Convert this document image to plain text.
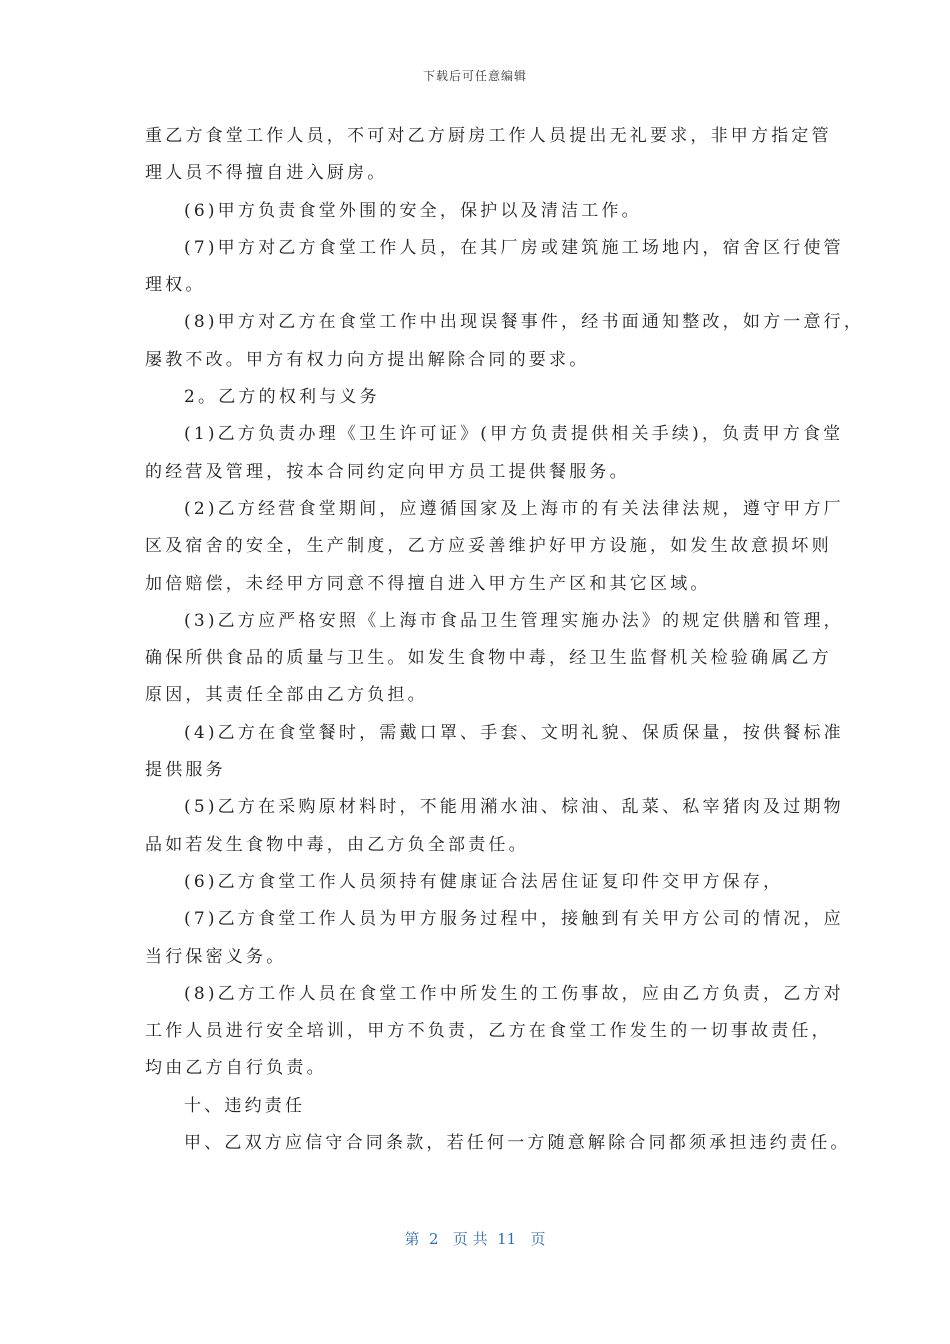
下载后可任意编辑
重乙方食堂工作人员，不可对乙方厨房工作人员提出无礼要求，非甲方指定管
理人员不得擅自进入厨房。
(6)甲方负责食堂外围的安全，保护以及清洁工作。
(7)甲方对乙方食堂工作人员，在其厂房或建筑施工场地内，宿舍区行使管
理权。
(8)甲方对乙方在食堂工作中出现误餐事件，经书面通知整改，如方一意行，
屡教不改。甲方有权力向方提出解除合同的要求。
2。乙方的权利与义务
(1)乙方负责办理《卫生许可证》(甲方负责提供相关手续)，负责甲方食堂
的经营及管理，按本合同约定向甲方员工提供餐服务。
(2)乙方经营食堂期间，应遵循国家及上海市的有关法律法规，遵守甲方厂
区及宿舍的安全，生产制度，乙方应妥善维护好甲方设施，如发生故意损坏则
加倍赔偿，未经甲方同意不得擅自进入甲方生产区和其它区域。
(3)乙方应严格安照《上海市食品卫生管理实施办法》的规定供膳和管理，
确保所供食品的质量与卫生。如发生食物中毒，经卫生监督机关检验确属乙方
原因，其责任全部由乙方负担。
(4)乙方在食堂餐时，需戴口罩、手套、文明礼貌、保质保量，按供餐标准
提供服务
(5)乙方在采购原材料时，不能用潲水油、棕油、乱菜、私宰猪肉及过期物
品如若发生食物中毒，由乙方负全部责任。
(6)乙方食堂工作人员须持有健康证合法居住证复印件交甲方保存，
(7)乙方食堂工作人员为甲方服务过程中，接触到有关甲方公司的情况，应
当行保密义务。
(8)乙方工作人员在食堂工作中所发生的工伤事故，应由乙方负责，乙方对
工作人员进行安全培训，甲方不负责，乙方在食堂工作发生的一切事故责任，
均由乙方自行负责。
十、违约责任
甲、乙双方应信守合同条款，若任何一方随意解除合同都须承担违约责任。
第  2   页 共  11   页
